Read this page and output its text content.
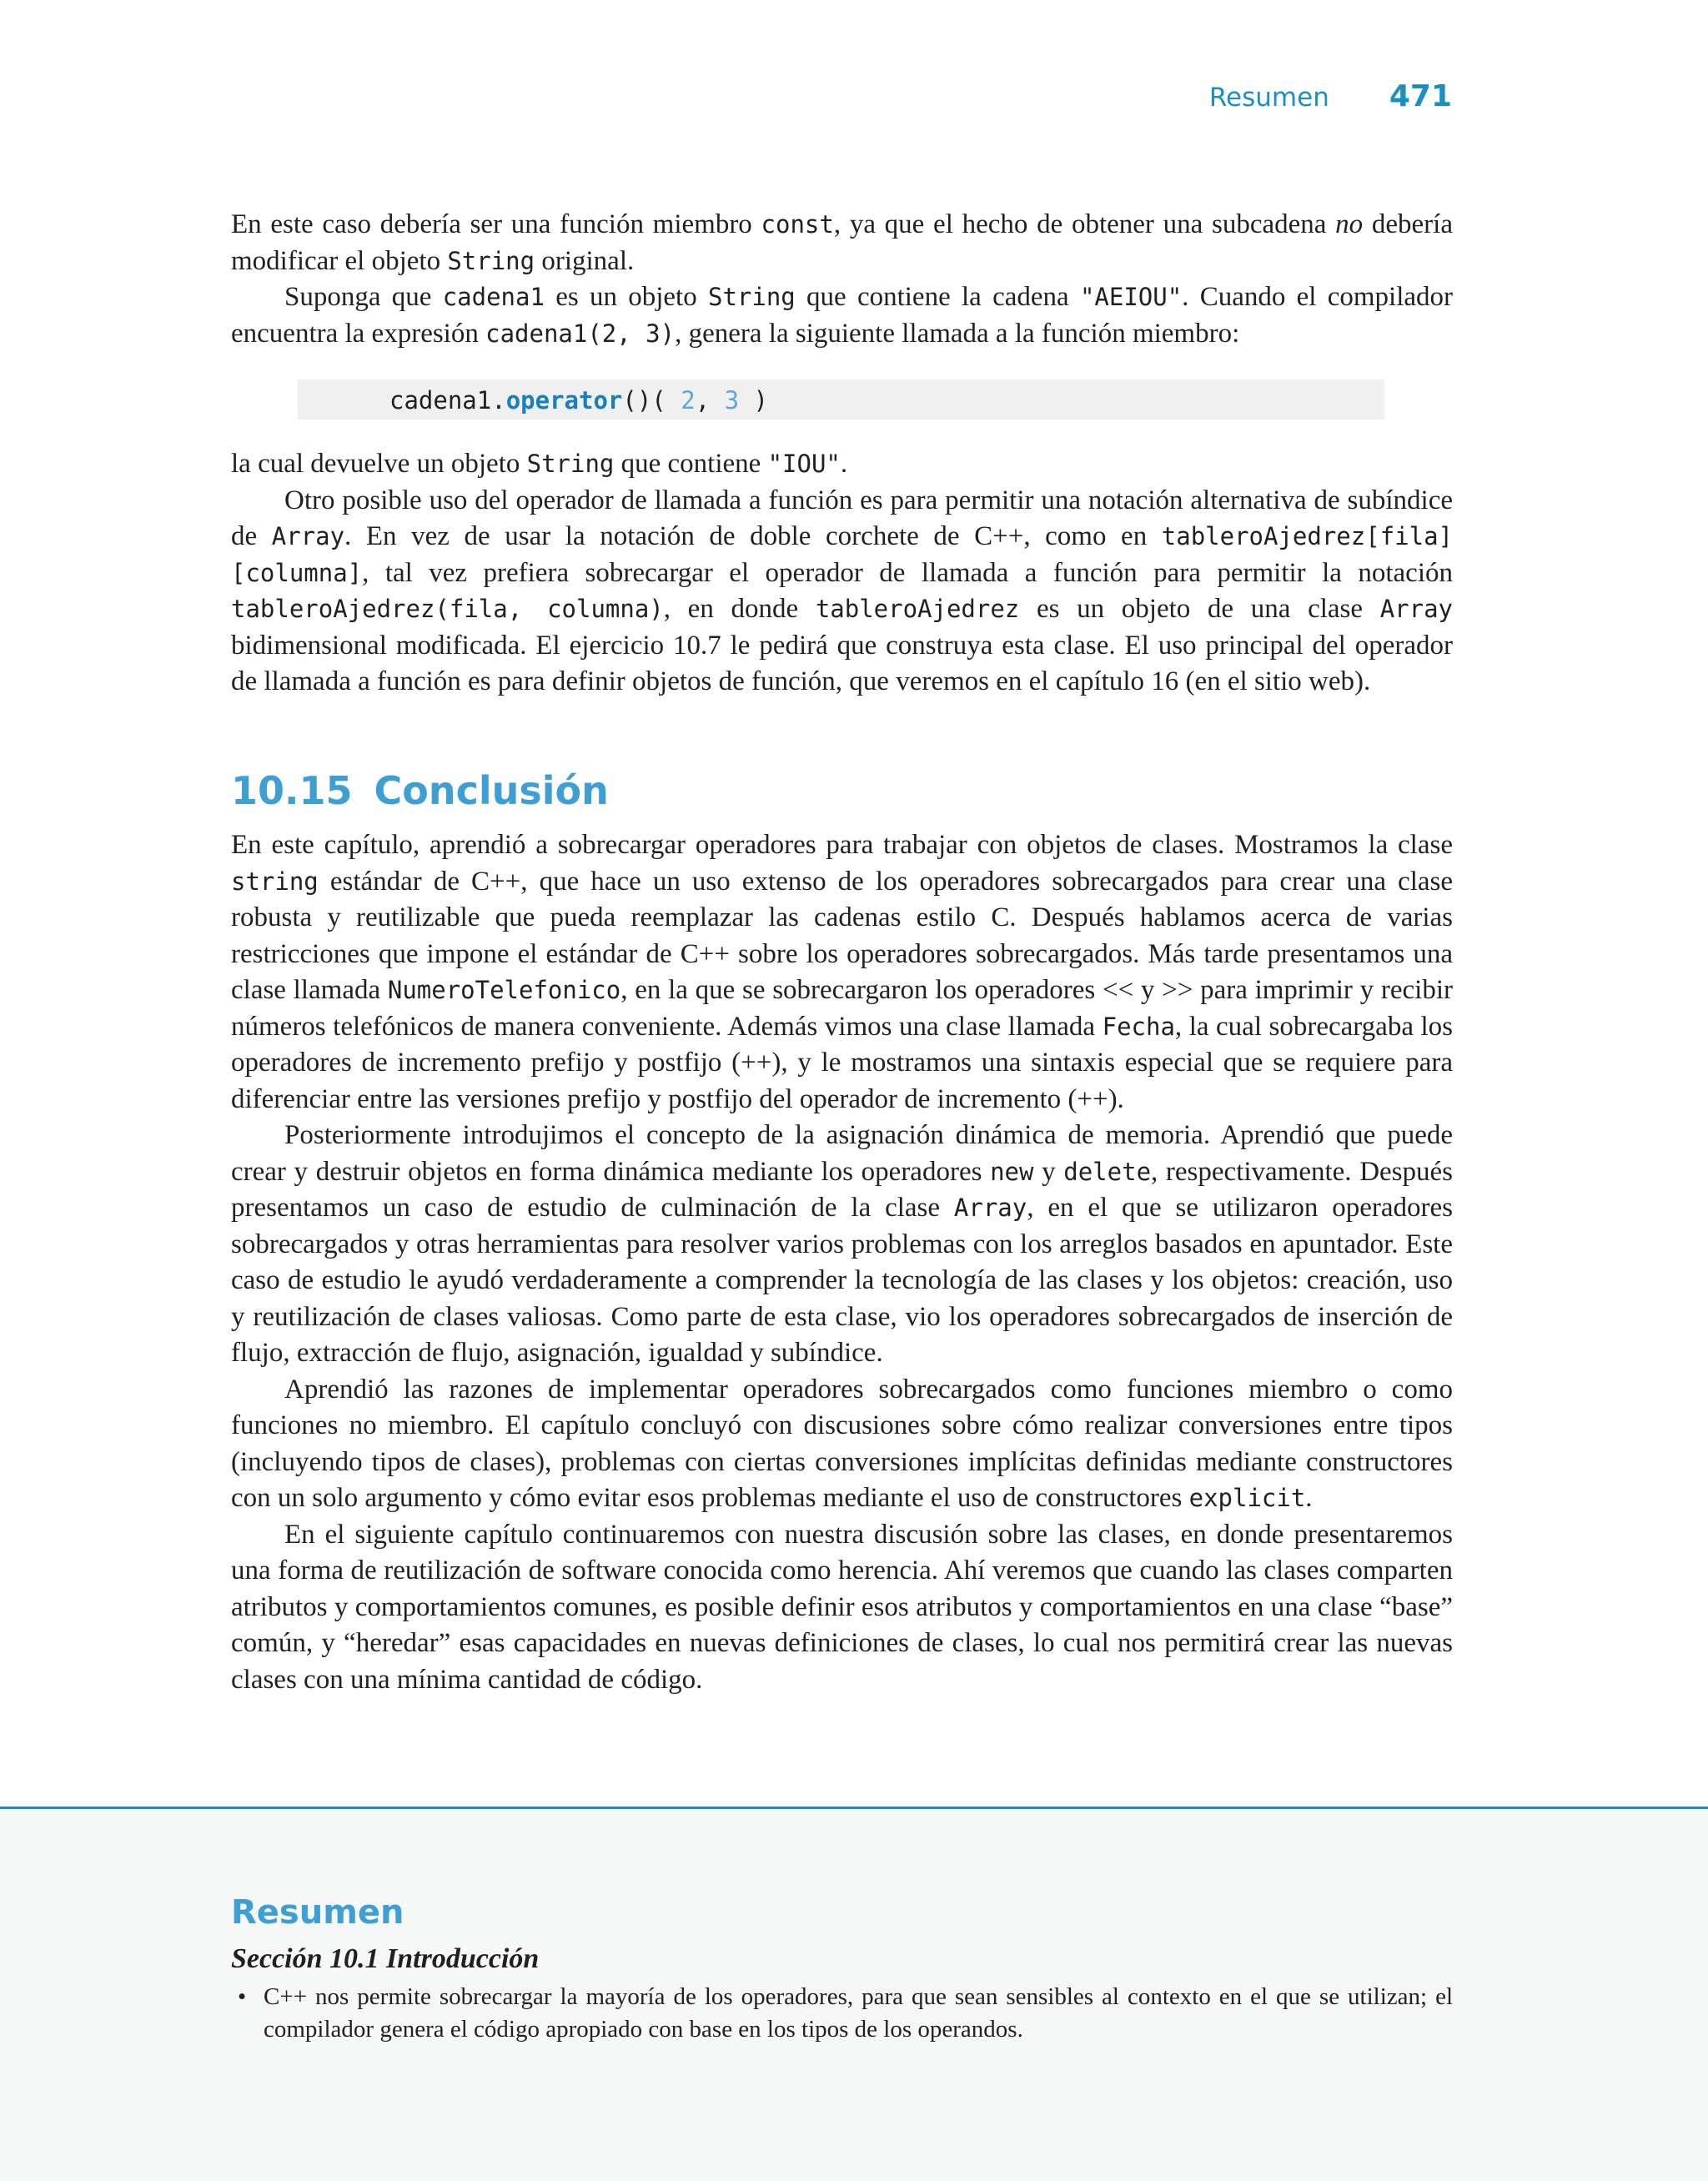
Resumen 471

En este caso debería ser una función miembro const, ya que el hecho de obtener una subcadena no debería modificar el objeto String original.

Suponga que cadena1 es un objeto String que contiene la cadena "AEIOU". Cuando el compilador encuentra la expresión cadena1(2, 3), genera la siguiente llamada a la función miembro:

cadena1.operator()( 2, 3 )

la cual devuelve un objeto String que contiene "IOU".

Otro posible uso del operador de llamada a función es para permitir una notación alternativa de subíndice de Array. En vez de usar la notación de doble corchete de C++, como en tableroAjedrez[fila][columna], tal vez prefiera sobrecargar el operador de llamada a función para permitir la notación tableroAjedrez(fila, columna), en donde tableroAjedrez es un objeto de una clase Array bidimensional modificada. El ejercicio 10.7 le pedirá que construya esta clase. El uso principal del operador de llamada a función es para definir objetos de función, que veremos en el capítulo 16 (en el sitio web).

10.15 Conclusión

En este capítulo, aprendió a sobrecargar operadores para trabajar con objetos de clases. Mostramos la clase string estándar de C++, que hace un uso extenso de los operadores sobrecargados para crear una clase robusta y reutilizable que pueda reemplazar las cadenas estilo C. Después hablamos acerca de varias restricciones que impone el estándar de C++ sobre los operadores sobrecargados. Más tarde presentamos una clase llamada NumeroTelefonico, en la que se sobrecargaron los operadores << y >> para imprimir y recibir números telefónicos de manera conveniente. Además vimos una clase llamada Fecha, la cual sobrecargaba los operadores de incremento prefijo y postfijo (++), y le mostramos una sintaxis especial que se requiere para diferenciar entre las versiones prefijo y postfijo del operador de incremento (++).

Posteriormente introdujimos el concepto de la asignación dinámica de memoria. Aprendió que puede crear y destruir objetos en forma dinámica mediante los operadores new y delete, respectivamente. Después presentamos un caso de estudio de culminación de la clase Array, en el que se utilizaron operadores sobrecargados y otras herramientas para resolver varios problemas con los arreglos basados en apuntador. Este caso de estudio le ayudó verdaderamente a comprender la tecnología de las clases y los objetos: creación, uso y reutilización de clases valiosas. Como parte de esta clase, vio los operadores sobrecargados de inserción de flujo, extracción de flujo, asignación, igualdad y subíndice.

Aprendió las razones de implementar operadores sobrecargados como funciones miembro o como funciones no miembro. El capítulo concluyó con discusiones sobre cómo realizar conversiones entre tipos (incluyendo tipos de clases), problemas con ciertas conversiones implícitas definidas mediante constructores con un solo argumento y cómo evitar esos problemas mediante el uso de constructores explicit.

En el siguiente capítulo continuaremos con nuestra discusión sobre las clases, en donde presentaremos una forma de reutilización de software conocida como herencia. Ahí veremos que cuando las clases comparten atributos y comportamientos comunes, es posible definir esos atributos y comportamientos en una clase “base” común, y “heredar” esas capacidades en nuevas definiciones de clases, lo cual nos permitirá crear las nuevas clases con una mínima cantidad de código.

Resumen
Sección 10.1 Introducción
• C++ nos permite sobrecargar la mayoría de los operadores, para que sean sensibles al contexto en el que se utilizan; el compilador genera el código apropiado con base en los tipos de los operandos.
